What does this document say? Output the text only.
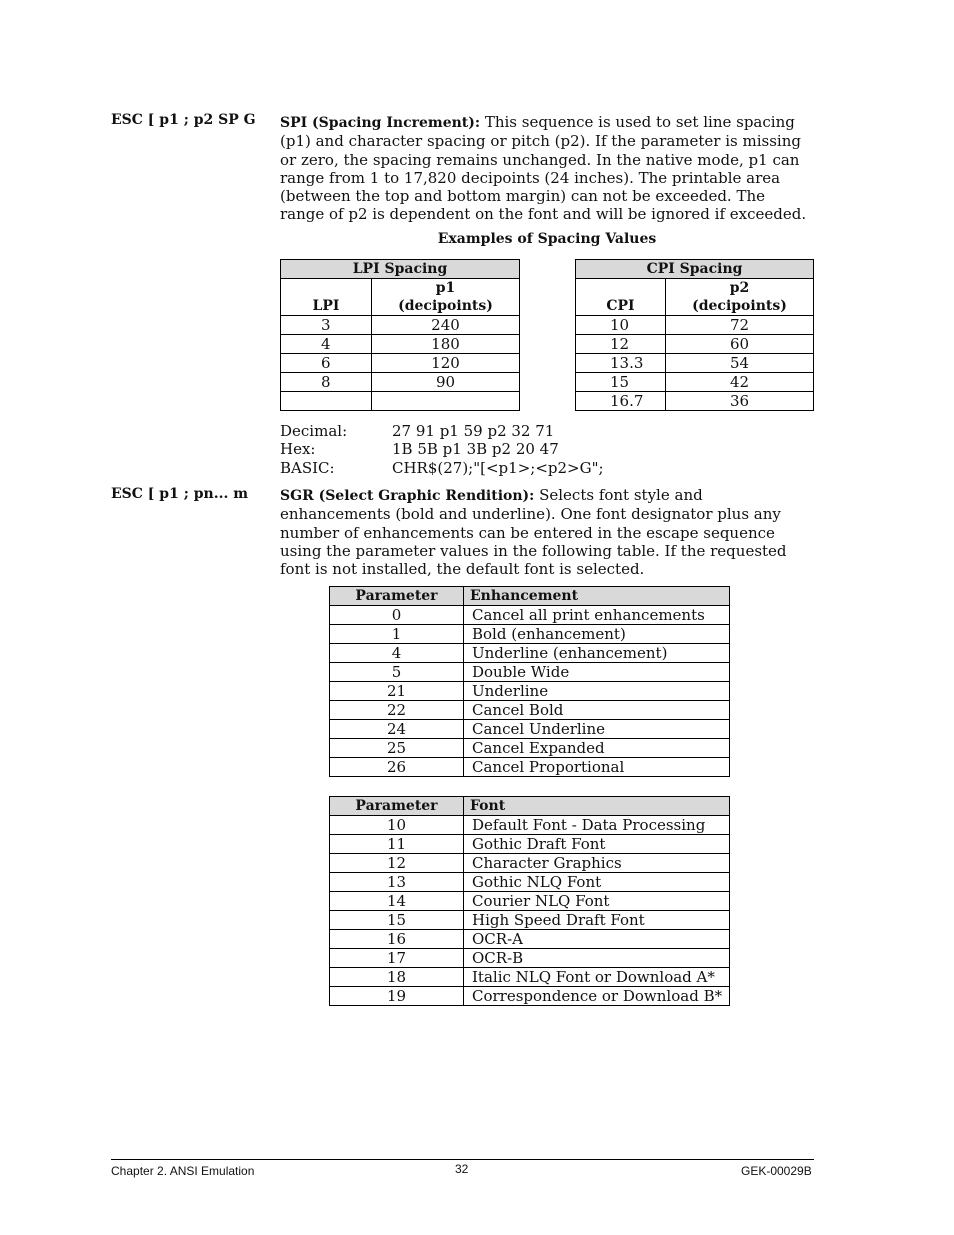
ESC [ p1 ; p2 SP G SPI (Spacing Increment): This sequence is used to set line spacing (p1) and character spacing or pitch (p2). If the parameter is missing or zero, the spacing remains unchanged. In the native mode, p1 can range from 1 to 17,820 decipoints (24 inches). The printable area (between the top and bottom margin) can not be exceeded. The range of p2 is dependent on the font and will be ignored if exceeded.
Examples of Spacing Values
LPI Spacing	
LPI	p1
(decipoints)
3	240
4	180
6	120
8	90

CPI Spacing	
CPI	p2
(decipoints)
10	72
12	60
13.3	54
15	42
16.7	36
Decimal:	27 91 p1 59 p2 32 71
Hex:	1B 5B p1 3B p2 20 47
BASIC:	CHR$(27);"[<p1>;<p2>G";
ESC [ p1 ; pn... m SGR (Select Graphic Rendition): Selects font style and enhancements (bold and underline). One font designator plus any number of enhancements can be entered in the escape sequence using the parameter values in the following table. If the requested font is not installed, the default font is selected.
Parameter	Enhancement
0	Cancel all print enhancements
1	Bold (enhancement)
4	Underline (enhancement)
5	Double Wide
21	Underline
22	Cancel Bold
24	Cancel Underline
25	Cancel Expanded
26	Cancel Proportional
Parameter	Font
10	Default Font - Data Processing
11	Gothic Draft Font
12	Character Graphics
13	Gothic NLQ Font
14	Courier NLQ Font
15	High Speed Draft Font
16	OCR-A
17	OCR-B
18	Italic NLQ Font or Download A*
19	Correspondence or Download B*
Chapter 2. ANSI Emulation	32	GEK-00029B
